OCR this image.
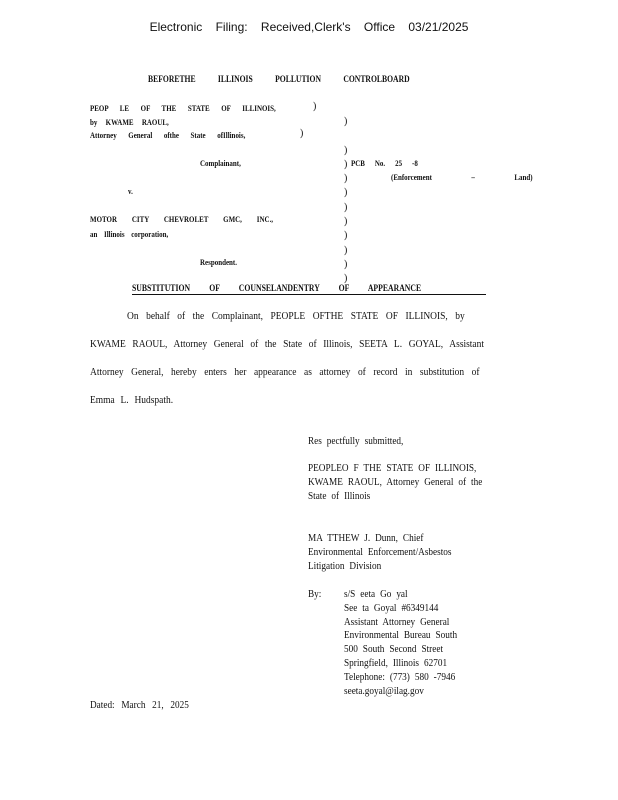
Electronic Filing: Received,Clerk's Office 03/21/2025
BEFORETHE ILLINOIS POLLUTION CONTROLBOARD
PEOP LE OF THE STATE OF ILLINOIS,
by KWAME RAOUL,
Attorney General ofthe State ofIllinois,
Complainant,
v.
MOTOR CITY CHEVROLET GMC, INC.,
an Illinois corporation,
Respondent.
)
)
)

)
)
)
)
)
)
)
)
)
)
PCB No. 25 -8
(Enforcement – Land)
SUBSTITUTION OF COUNSELANDENTRY OF APPEARANCE
On behalf of the Complainant, PEOPLE OFTHE STATE OF ILLINOIS, by
KWAME RAOUL, Attorney General of the State of Illinois, SEETA L. GOYAL, Assistant
Attorney General, hereby enters her appearance as attorney of record in substitution of
Emma L. Hudspath.
Res pectfully submitted,
PEOPLEO F THE STATE OF ILLINOIS,
KWAME RAOUL, Attorney General of the
State of Illinois
MA TTHEW J. Dunn, Chief
Environmental Enforcement/Asbestos
Litigation Division
By: s/S eeta Go yal
See ta Goyal #6349144
Assistant Attorney General
Environmental Bureau South
500 South Second Street
Springfield, Illinois 62701
Telephone: (773) 580 -7946
seeta.goyal@ilag.gov
Dated: March 21, 2025
